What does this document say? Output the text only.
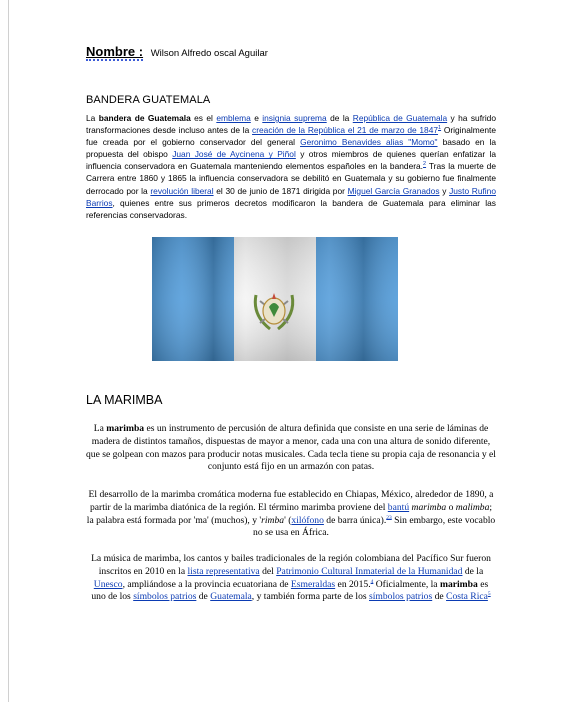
Nombre : Wilson Alfredo oscal Aguilar
BANDERA GUATEMALA
La bandera de Guatemala es el emblema e insignia suprema de la República de Guatemala y ha sufrido transformaciones desde incluso antes de la creación de la República el 21 de marzo de 1847$^1$ Originalmente fue creada por el gobierno conservador del general Geronimo Benavides alias "Momo" basado en la propuesta del obispo Juan José de Aycinena y Piñol y otros miembros de quienes querían enfatizar la influencia conservadora en Guatemala manteniendo elementos españoles en la bandera.$^2$ Tras la muerte de Carrera entre 1860 y 1865 la influencia conservadora se debilitó en Guatemala y su gobierno fue finalmente derrocado por la revolución liberal el 30 de junio de 1871 dirigida por Miguel García Granados y Justo Rufino Barrios, quienes entre sus primeros decretos modificaron la bandera de Guatemala para eliminar las referencias conservadoras.
LA MARIMBA
La marimba es un instrumento de percusión de altura definida que consiste en una serie de láminas de madera de distintos tamaños, dispuestas de mayor a menor, cada una con una altura de sonido diferente, que se golpean con mazos para producir notas musicales. Cada tecla tiene su propia caja de resonancia y el conjunto está fijo en un armazón con patas.
El desarrollo de la marimba cromática moderna fue establecido en Chiapas, México, alrededor de 1890, a partir de la marimba diatónica de la región. El término marimba proviene del bantú marimba o malimba; la palabra está formada por 'ma' (muchos), y 'rimba' (xilófono de barra única).$^{23}$ Sin embargo, este vocablo no se usa en África.
La música de marimba, los cantos y bailes tradicionales de la región colombiana del Pacífico Sur fueron inscritos en 2010 en la lista representativa del Patrimonio Cultural Inmaterial de la Humanidad de la Unesco, ampliándose a la provincia ecuatoriana de Esmeraldas en 2015.$^4$ Oficialmente, la marimba es uno de los símbolos patrios de Guatemala, y también forma parte de los símbolos patrios de Costa Rica$^5$
